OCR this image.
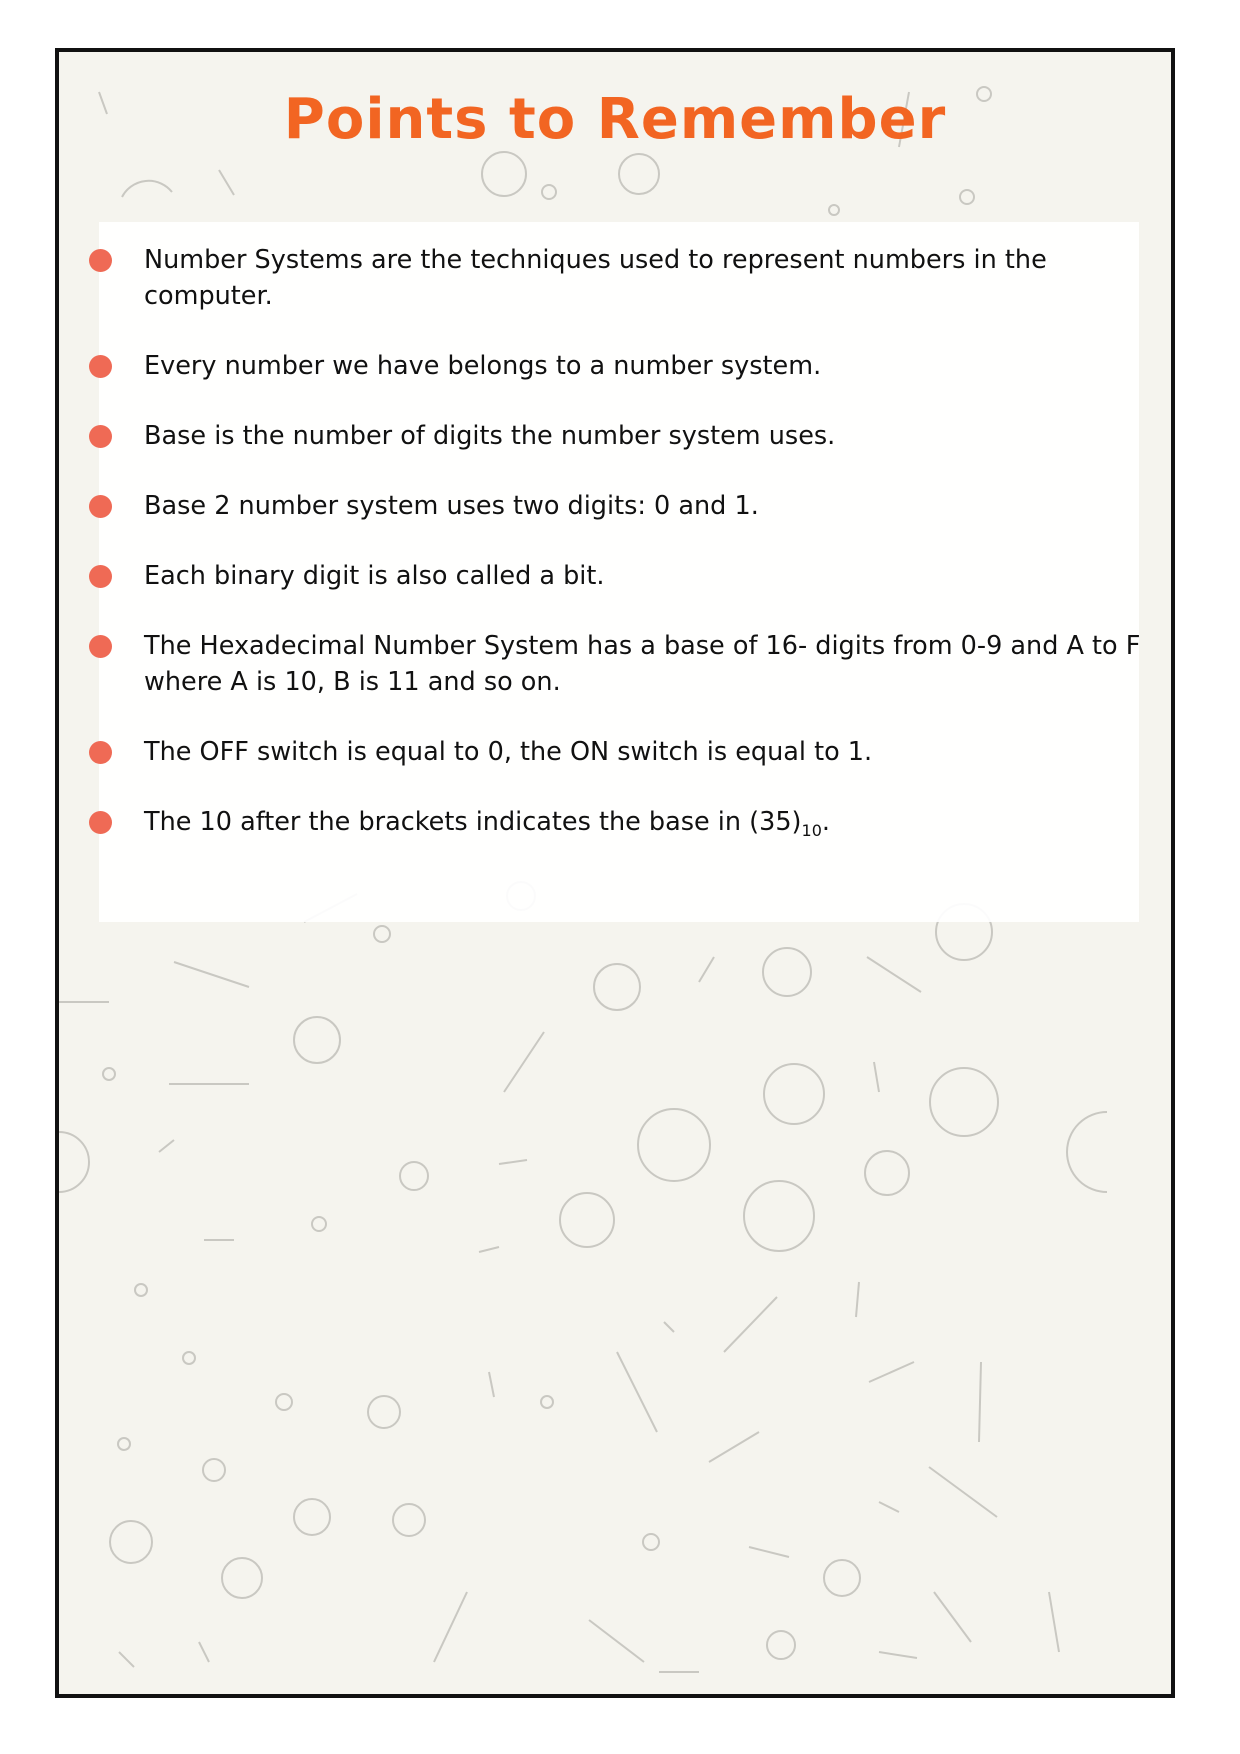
Points to Remember
Number Systems are the techniques used to represent numbers in the computer.
Every number we have belongs to a number system.
Base is the number of digits the number system uses.
Base 2 number system uses two digits: 0 and 1.
Each binary digit is also called a bit.
The Hexadecimal Number System has a base of 16- digits from 0-9 and A to F where A is 10, B is 11 and so on.
The OFF switch is equal to 0, the ON switch is equal to 1.
The 10 after the brackets indicates the base in $(35)_{10}$.
